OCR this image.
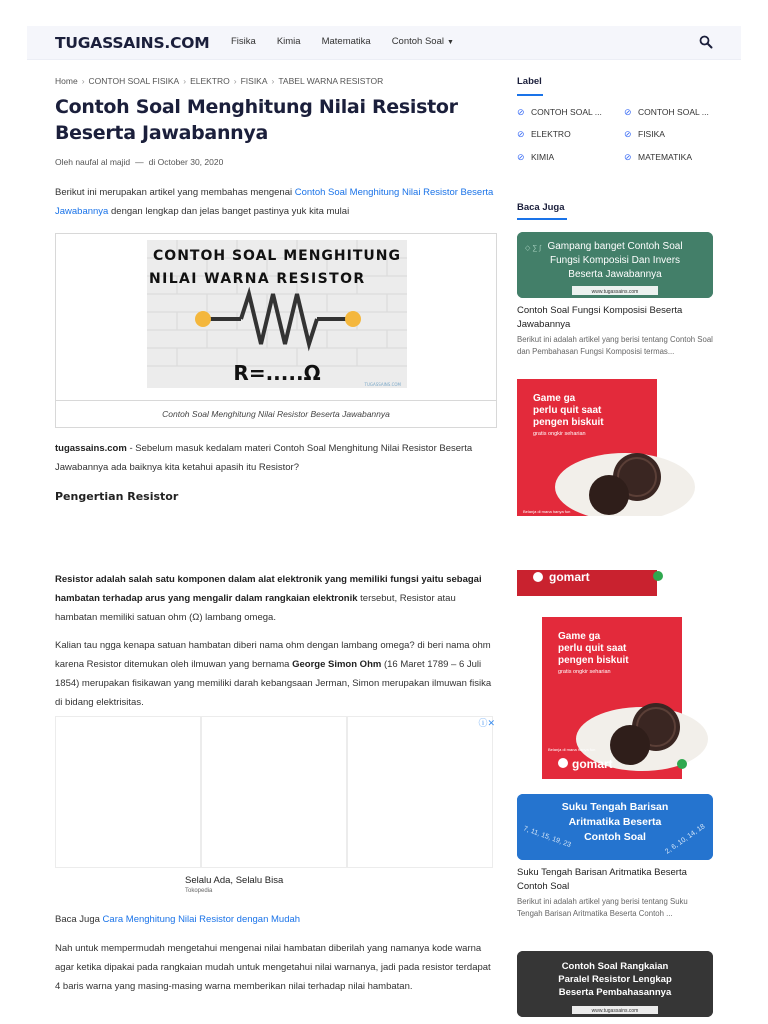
TUGASSAINS.COM Fisika Kimia Matematika Contoh Soal ▼
Home › CONTOH SOAL FISIKA › ELEKTRO › FISIKA › TABEL WARNA RESISTOR
Contoh Soal Menghitung Nilai Resistor Beserta Jawabannya
Oleh naufal al majid — di October 30, 2020

Berikut ini merupakan artikel yang membahas mengenai Contoh Soal Menghitung Nilai Resistor Beserta Jawabannya dengan lengkap dan jelas banget pastinya yuk kita mulai

CONTOH SOAL MENGHITUNG
NILAI WARNA RESISTOR
R=.....Ω	TUGASSAINS.COM
Contoh Soal Menghitung Nilai Resistor Beserta Jawabannya

tugassains.com - Sebelum masuk kedalam materi Contoh Soal Menghitung Nilai Resistor Beserta Jawabannya ada baiknya kita ketahui apasih itu Resistor?

Pengertian Resistor
Label
⊘ CONTOH SOAL ... ⊘ CONTOH SOAL ...
⊘ ELEKTRO	⊘ FISIKA
⊘ KIMIA	⊘ MATEMATIKA
Baca Juga
◇ ∑ ∫ Gampang banget Contoh Soal
Fungsi Komposisi Dan Invers
Beserta Jawabannya
www.tugassains.com
Contoh Soal Fungsi Komposisi Beserta Jawabannya
Berikut ini adalah artikel yang berisi tentang Contoh Soal dan Pembahasan Fungsi Komposisi termas...
Game ga
perlu quit saat
pengen biskuit
gratis ongkir seharian
Belanja di mana hanya fun

Resistor adalah salah satu komponen dalam alat elektronik yang memiliki fungsi yaitu sebagai hambatan terhadap arus yang mengalir dalam rangkaian elektronik tersebut, Resistor atau hambatan memiliki satuan ohm (Ω) lambang omega.

Kalian tau ngga kenapa satuan hambatan diberi nama ohm dengan lambang omega? di beri nama ohm karena Resistor ditemukan oleh ilmuwan yang bernama George Simon Ohm (16 Maret 1789 – 6 Juli 1854) merupakan fisikawan yang memiliki darah kebangsaan Jerman, Simon merupakan ilmuwan fisika di bidang elektrisitas.

ⓘ✕
Selalu Ada, Selalu Bisa
Tokopedia

Baca Juga Cara Menghitung Nilai Resistor dengan Mudah

Nah untuk mempermudah mengetahui mengenai nilai hambatan diberilah yang namanya kode warna agar ketika dipakai pada rangkaian mudah untuk mengetahui nilai warnanya, jadi pada resistor terdapat 4 baris warna yang masing-masing warna memberikan nilai terhadap nilai hambatan.

gomart
Game ga
perlu quit saat
pengen biskuit
gratis ongkir seharian
Belanja di mana hanya fun
gomart
7, 11, 15, 19, 23	2, 6, 10, 14, 18
Suku Tengah Barisan
Aritmatika Beserta
Contoh Soal
Suku Tengah Barisan Aritmatika Beserta Contoh Soal
Berikut ini adalah artikel yang berisi tentang Suku Tengah Barisan Aritmatika Beserta Contoh ...
Contoh Soal Rangkaian
Paralel Resistor Lengkap
Beserta Pembahasannya
www.tugassains.com
